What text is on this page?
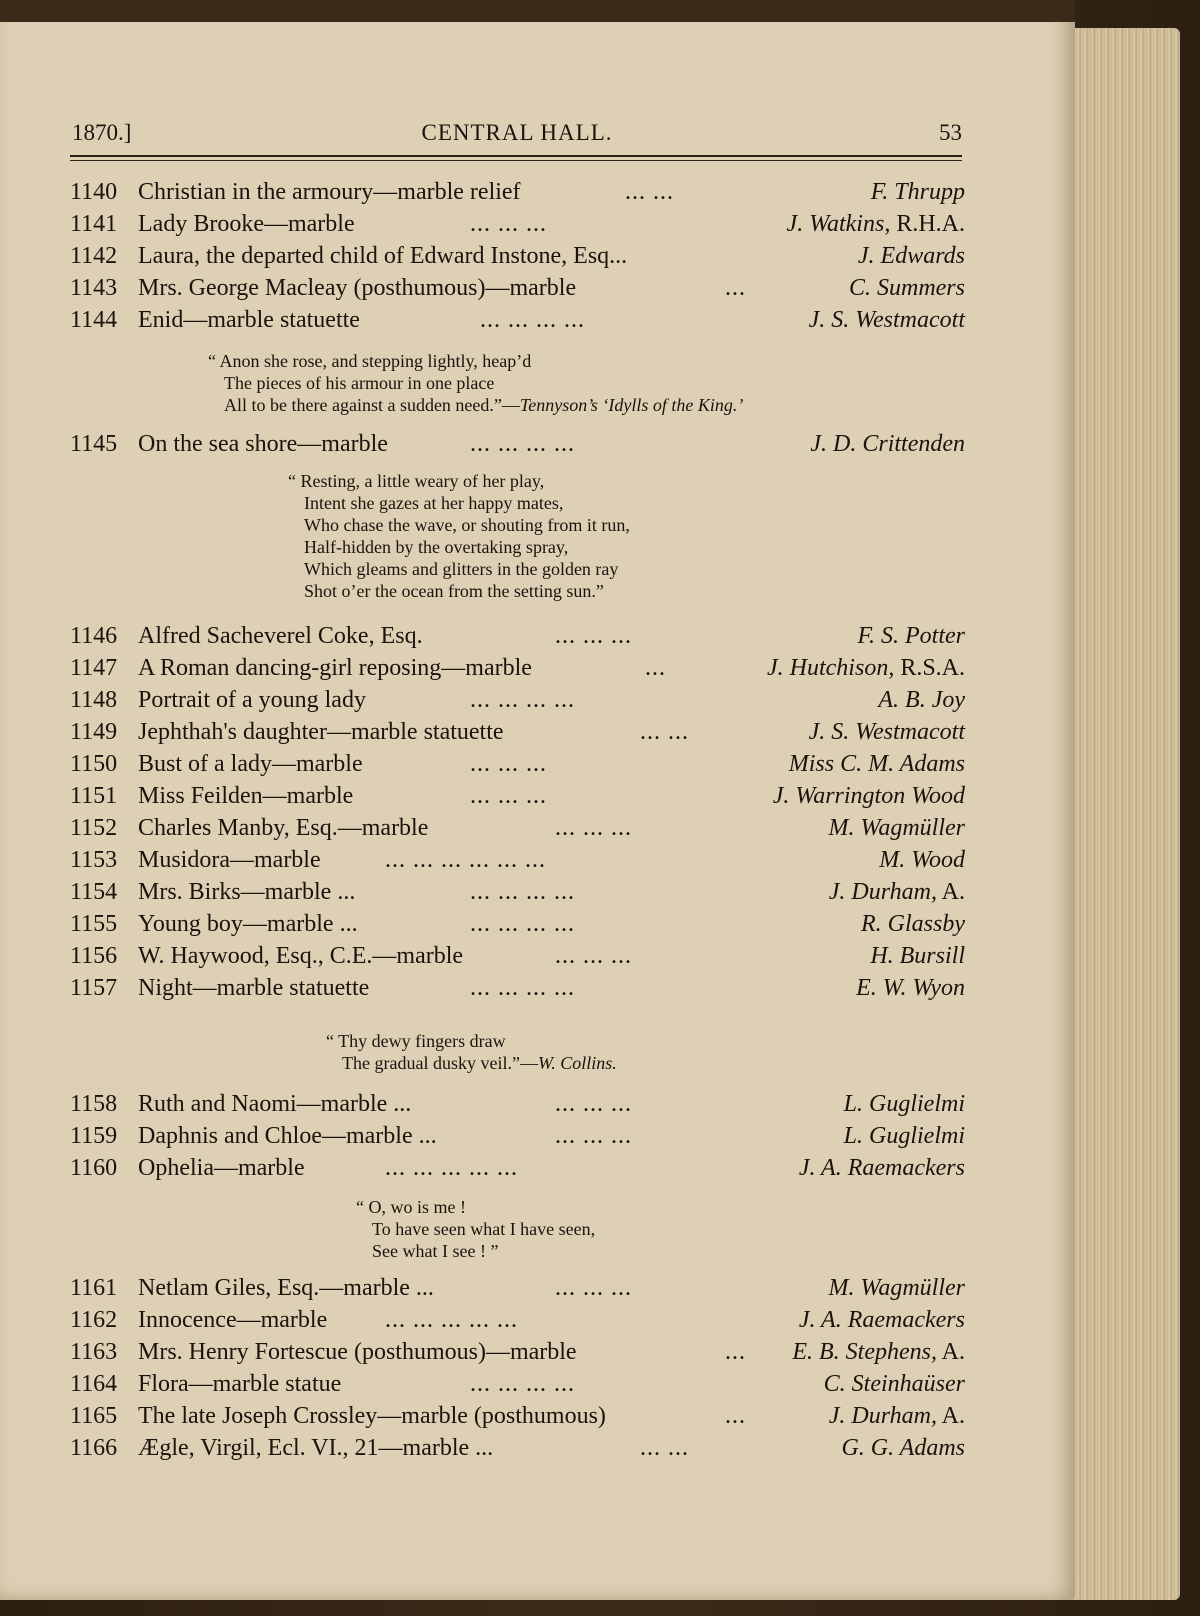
1870.]	CENTRAL HALL.	53
1140 Christian in the armoury—marble relief	... ...	F. Thrupp
1141 Lady Brooke—marble	... ... ...	J. Watkins, R.H.A.
1142 Laura, the departed child of Edward Instone, Esq...	J. Edwards
1143 Mrs. George Macleay (posthumous)—marble	...	C. Summers
1144 Enid—marble statuette	... ... ... ...	J. S. Westmacott
“ Anon she rose, and stepping lightly, heap’d
The pieces of his armour in one place
All to be there against a sudden need.”—Tennyson’s ‘Idylls of the King.’
1145 On the sea shore—marble	... ... ... ...	J. D. Crittenden
“ Resting, a little weary of her play,
Intent she gazes at her happy mates,
Who chase the wave, or shouting from it run,
Half-hidden by the overtaking spray,
Which gleams and glitters in the golden ray
Shot o’er the ocean from the setting sun.”
1146 Alfred Sacheverel Coke, Esq.	... ... ...	F. S. Potter
1147 A Roman dancing-girl reposing—marble	...	J. Hutchison, R.S.A.
1148 Portrait of a young lady	... ... ... ...	A. B. Joy
1149 Jephthah's daughter—marble statuette	... ...	J. S. Westmacott
1150 Bust of a lady—marble	... ... ...	Miss C. M. Adams
1151 Miss Feilden—marble	... ... ...	J. Warrington Wood
1152 Charles Manby, Esq.—marble	... ... ...	M. Wagmüller
1153 Musidora—marble	... ... ... ... ... ...	M. Wood
1154 Mrs. Birks—marble ...	... ... ... ...	J. Durham, A.
1155 Young boy—marble ...	... ... ... ...	R. Glassby
1156 W. Haywood, Esq., C.E.—marble	... ... ...	H. Bursill
1157 Night—marble statuette	... ... ... ...	E. W. Wyon
“ Thy dewy fingers draw
The gradual dusky veil.”—W. Collins.
1158 Ruth and Naomi—marble ...	... ... ...	L. Guglielmi
1159 Daphnis and Chloe—marble ...	... ... ...	L. Guglielmi
1160 Ophelia—marble	... ... ... ... ...	J. A. Raemackers
“ O, wo is me !
To have seen what I have seen,
See what I see ! ”
1161 Netlam Giles, Esq.—marble ...	... ... ...	M. Wagmüller
1162 Innocence—marble ... ... ... ... ...	J. A. Raemackers
1163 Mrs. Henry Fortescue (posthumous)—marble	... E. B. Stephens, A.
1164 Flora—marble statue	... ... ... ...	C. Steinhaüser
1165 The late Joseph Crossley—marble (posthumous)	...	J. Durham, A.
1166 Ægle, Virgil, Ecl. VI., 21—marble ...	... ...	G. G. Adams
